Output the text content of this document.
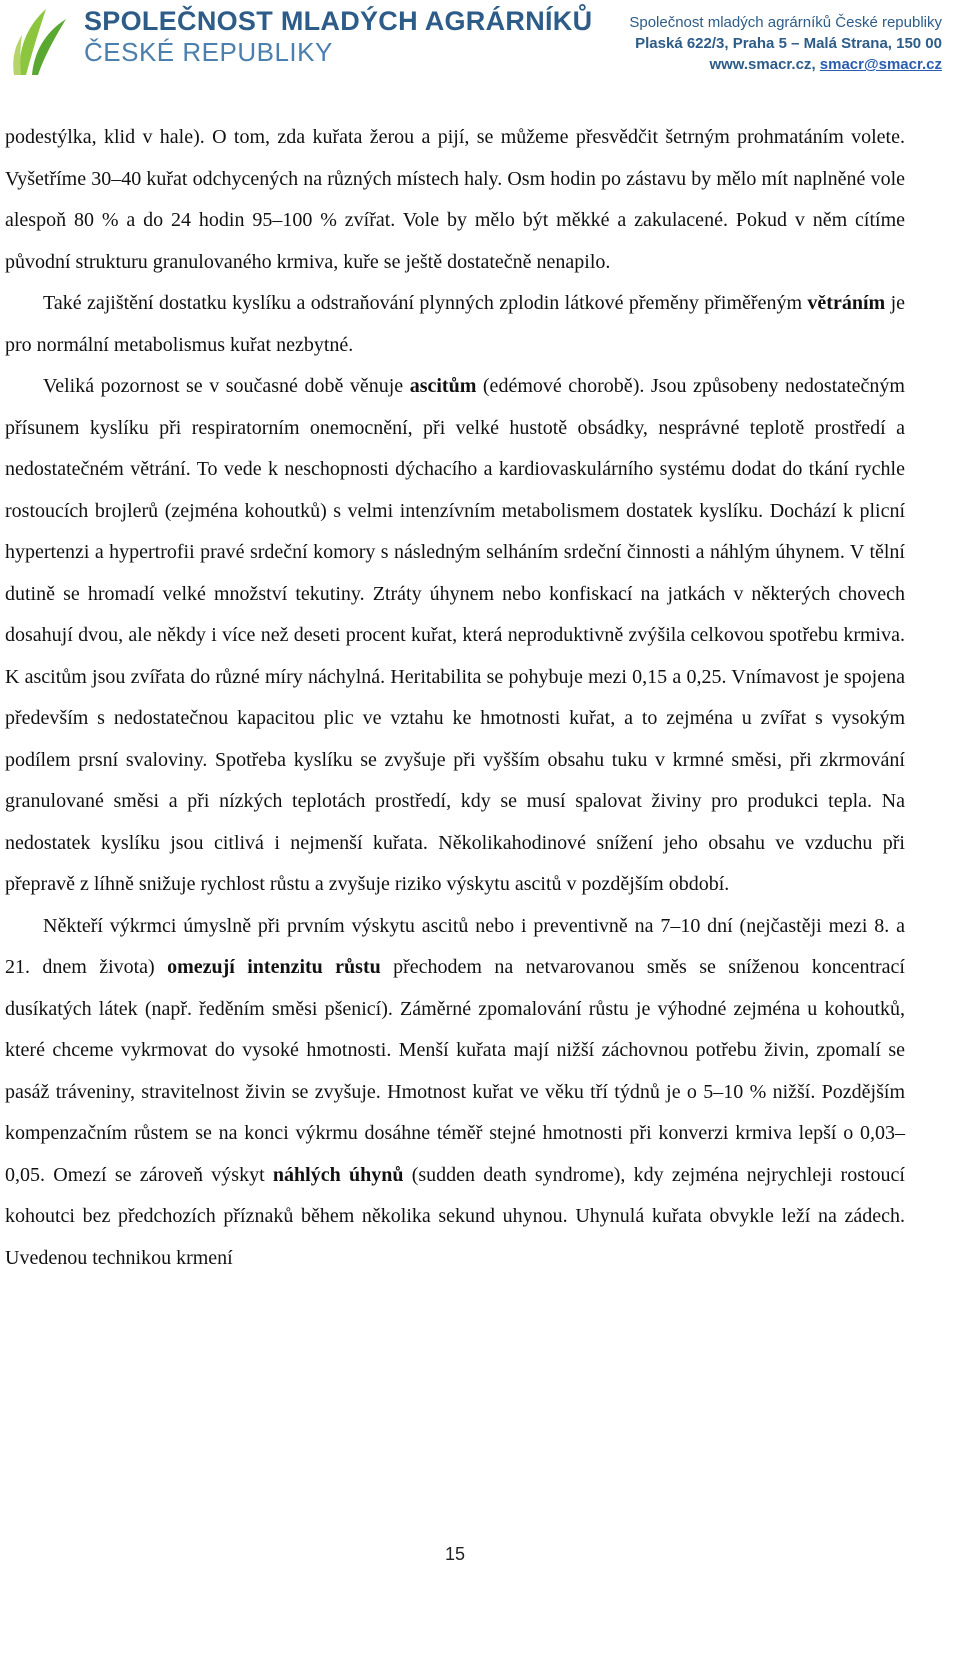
SPOLEČNOST MLADÝCH AGRÁRNÍKŮ
ČESKÉ REPUBLIKY
Společnost mladých agrárníků České republiky
Plaská 622/3, Praha 5 – Malá Strana, 150 00
www.smacr.cz, smacr@smacr.cz

podestýlka, klid v hale). O tom, zda kuřata žerou a pijí, se můžeme přesvědčit šetrným prohmatáním volete. Vyšetříme 30–40 kuřat odchycených na různých místech haly. Osm hodin po zástavu by mělo mít naplněné vole alespoň 80 % a do 24 hodin 95–100 % zvířat. Vole by mělo být měkké a zakulacené. Pokud v něm cítíme původní strukturu granulovaného krmiva, kuře se ještě dostatečně nenapilo.

Také zajištění dostatku kyslíku a odstraňování plynných zplodin látkové přeměny přiměřeným větráním je pro normální metabolismus kuřat nezbytné.

Veliká pozornost se v současné době věnuje ascitům (edémové chorobě). Jsou způsobeny nedostatečným přísunem kyslíku při respiratorním onemocnění, při velké hustotě obsádky, nesprávné teplotě prostředí a nedostatečném větrání. To vede k neschopnosti dýchacího a kardiovaskulárního systému dodat do tkání rychle rostoucích brojlerů (zejména kohoutků) s velmi intenzívním metabolismem dostatek kyslíku. Dochází k plicní hypertenzi a hypertrofii pravé srdeční komory s následným selháním srdeční činnosti a náhlým úhynem. V tělní dutině se hromadí velké množství tekutiny. Ztráty úhynem nebo konfiskací na jatkách v některých chovech dosahují dvou, ale někdy i více než deseti procent kuřat, která neproduktivně zvýšila celkovou spotřebu krmiva. K ascitům jsou zvířata do různé míry náchylná. Heritabilita se pohybuje mezi 0,15 a 0,25. Vnímavost je spojena především s nedostatečnou kapacitou plic ve vztahu ke hmotnosti kuřat, a to zejména u zvířat s vysokým podílem prsní svaloviny. Spotřeba kyslíku se zvyšuje při vyšším obsahu tuku v krmné směsi, při zkrmování granulované směsi a při nízkých teplotách prostředí, kdy se musí spalovat živiny pro produkci tepla. Na nedostatek kyslíku jsou citlivá i nejmenší kuřata. Několikahodinové snížení jeho obsahu ve vzduchu při přepravě z líhně snižuje rychlost růstu a zvyšuje riziko výskytu ascitů v pozdějším období.

Někteří výkrmci úmyslně při prvním výskytu ascitů nebo i preventivně na 7–10 dní (nejčastěji mezi 8. a 21. dnem života) omezují intenzitu růstu přechodem na netvarovanou směs se sníženou koncentrací dusíkatých látek (např. ředěním směsi pšenicí). Záměrné zpomalování růstu je výhodné zejména u kohoutků, které chceme vykrmovat do vysoké hmotnosti. Menší kuřata mají nižší záchovnou potřebu živin, zpomalí se pasáž tráveniny, stravitelnost živin se zvyšuje. Hmotnost kuřat ve věku tří týdnů je o 5–10 % nižší. Pozdějším kompenzačním růstem se na konci výkrmu dosáhne téměř stejné hmotnosti při konverzi krmiva lepší o 0,03–0,05. Omezí se zároveň výskyt náhlých úhynů (sudden death syndrome), kdy zejména nejrychleji rostoucí kohoutci bez předchozích příznaků během několika sekund uhynou. Uhynulá kuřata obvykle leží na zádech. Uvedenou technikou krmení

15
